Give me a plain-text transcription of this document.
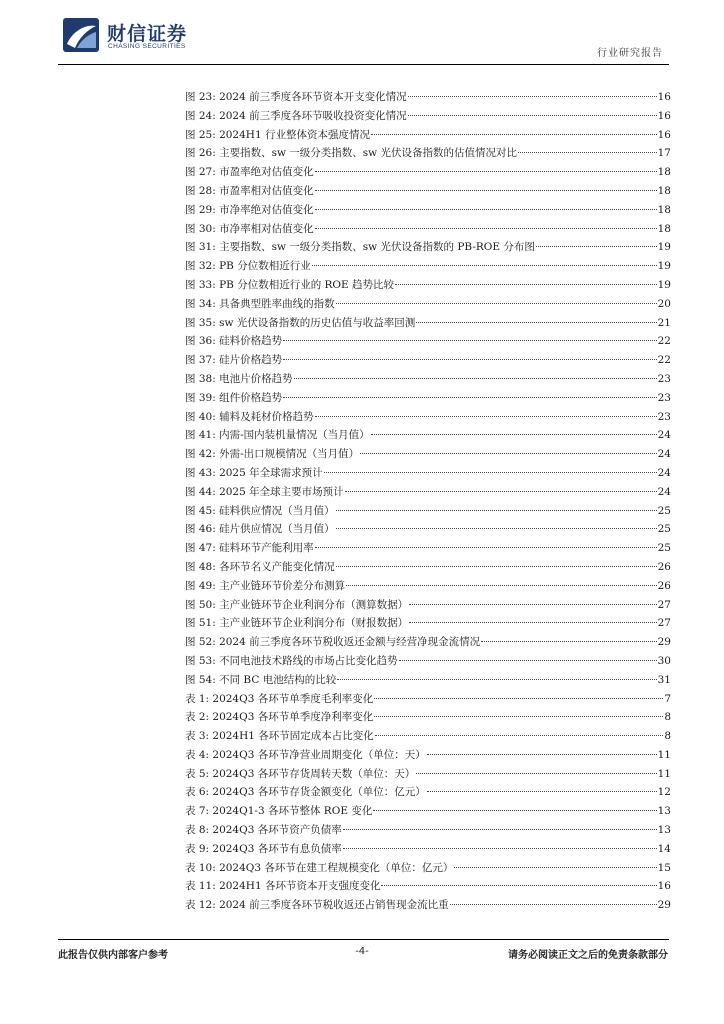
财信证券
CHASING SECURITIES
行业研究报告
图 23: 2024 前三季度各环节资本开支变化情况	16
图 24: 2024 前三季度各环节吸收投资变化情况	16
图 25: 2024H1 行业整体资本强度情况	16
图 26: 主要指数、sw 一级分类指数、sw 光伏设备指数的估值情况对比	17
图 27: 市盈率绝对估值变化	18
图 28: 市盈率相对估值变化	18
图 29: 市净率绝对估值变化	18
图 30: 市净率相对估值变化	18
图 31: 主要指数、sw 一级分类指数、sw 光伏设备指数的 PB-ROE 分布图	19
图 32: PB 分位数相近行业	19
图 33: PB 分位数相近行业的 ROE 趋势比较	19
图 34: 具备典型胜率曲线的指数	20
图 35: sw 光伏设备指数的历史估值与收益率回测	21
图 36: 硅料价格趋势	22
图 37: 硅片价格趋势	22
图 38: 电池片价格趋势	23
图 39: 组件价格趋势	23
图 40: 辅料及耗材价格趋势	23
图 41: 内需-国内装机量情况（当月值）	24
图 42: 外需-出口规模情况（当月值）	24
图 43: 2025 年全球需求预计	24
图 44: 2025 年全球主要市场预计	24
图 45: 硅料供应情况（当月值）	25
图 46: 硅片供应情况（当月值）	25
图 47: 硅料环节产能利用率	25
图 48: 各环节名义产能变化情况	26
图 49: 主产业链环节价差分布测算	26
图 50: 主产业链环节企业利润分布（测算数据）	27
图 51: 主产业链环节企业利润分布（财报数据）	27
图 52: 2024 前三季度各环节税收返还金额与经营净现金流情况	29
图 53: 不同电池技术路线的市场占比变化趋势	30
图 54: 不同 BC 电池结构的比较	31
表 1: 2024Q3 各环节单季度毛利率变化	7
表 2: 2024Q3 各环节单季度净利率变化	8
表 3: 2024H1 各环节固定成本占比变化	8
表 4: 2024Q3 各环节净营业周期变化（单位：天）	11
表 5: 2024Q3 各环节存货周转天数（单位：天）	11
表 6: 2024Q3 各环节存货金额变化（单位：亿元）	12
表 7: 2024Q1-3 各环节整体 ROE 变化	13
表 8: 2024Q3 各环节资产负债率	13
表 9: 2024Q3 各环节有息负债率	14
表 10: 2024Q3 各环节在建工程规模变化（单位：亿元）	15
表 11: 2024H1 各环节资本开支强度变化	16
表 12: 2024 前三季度各环节税收返还占销售现金流比重	29
此报告仅供内部客户参考	-4-	请务必阅读正文之后的免责条款部分
